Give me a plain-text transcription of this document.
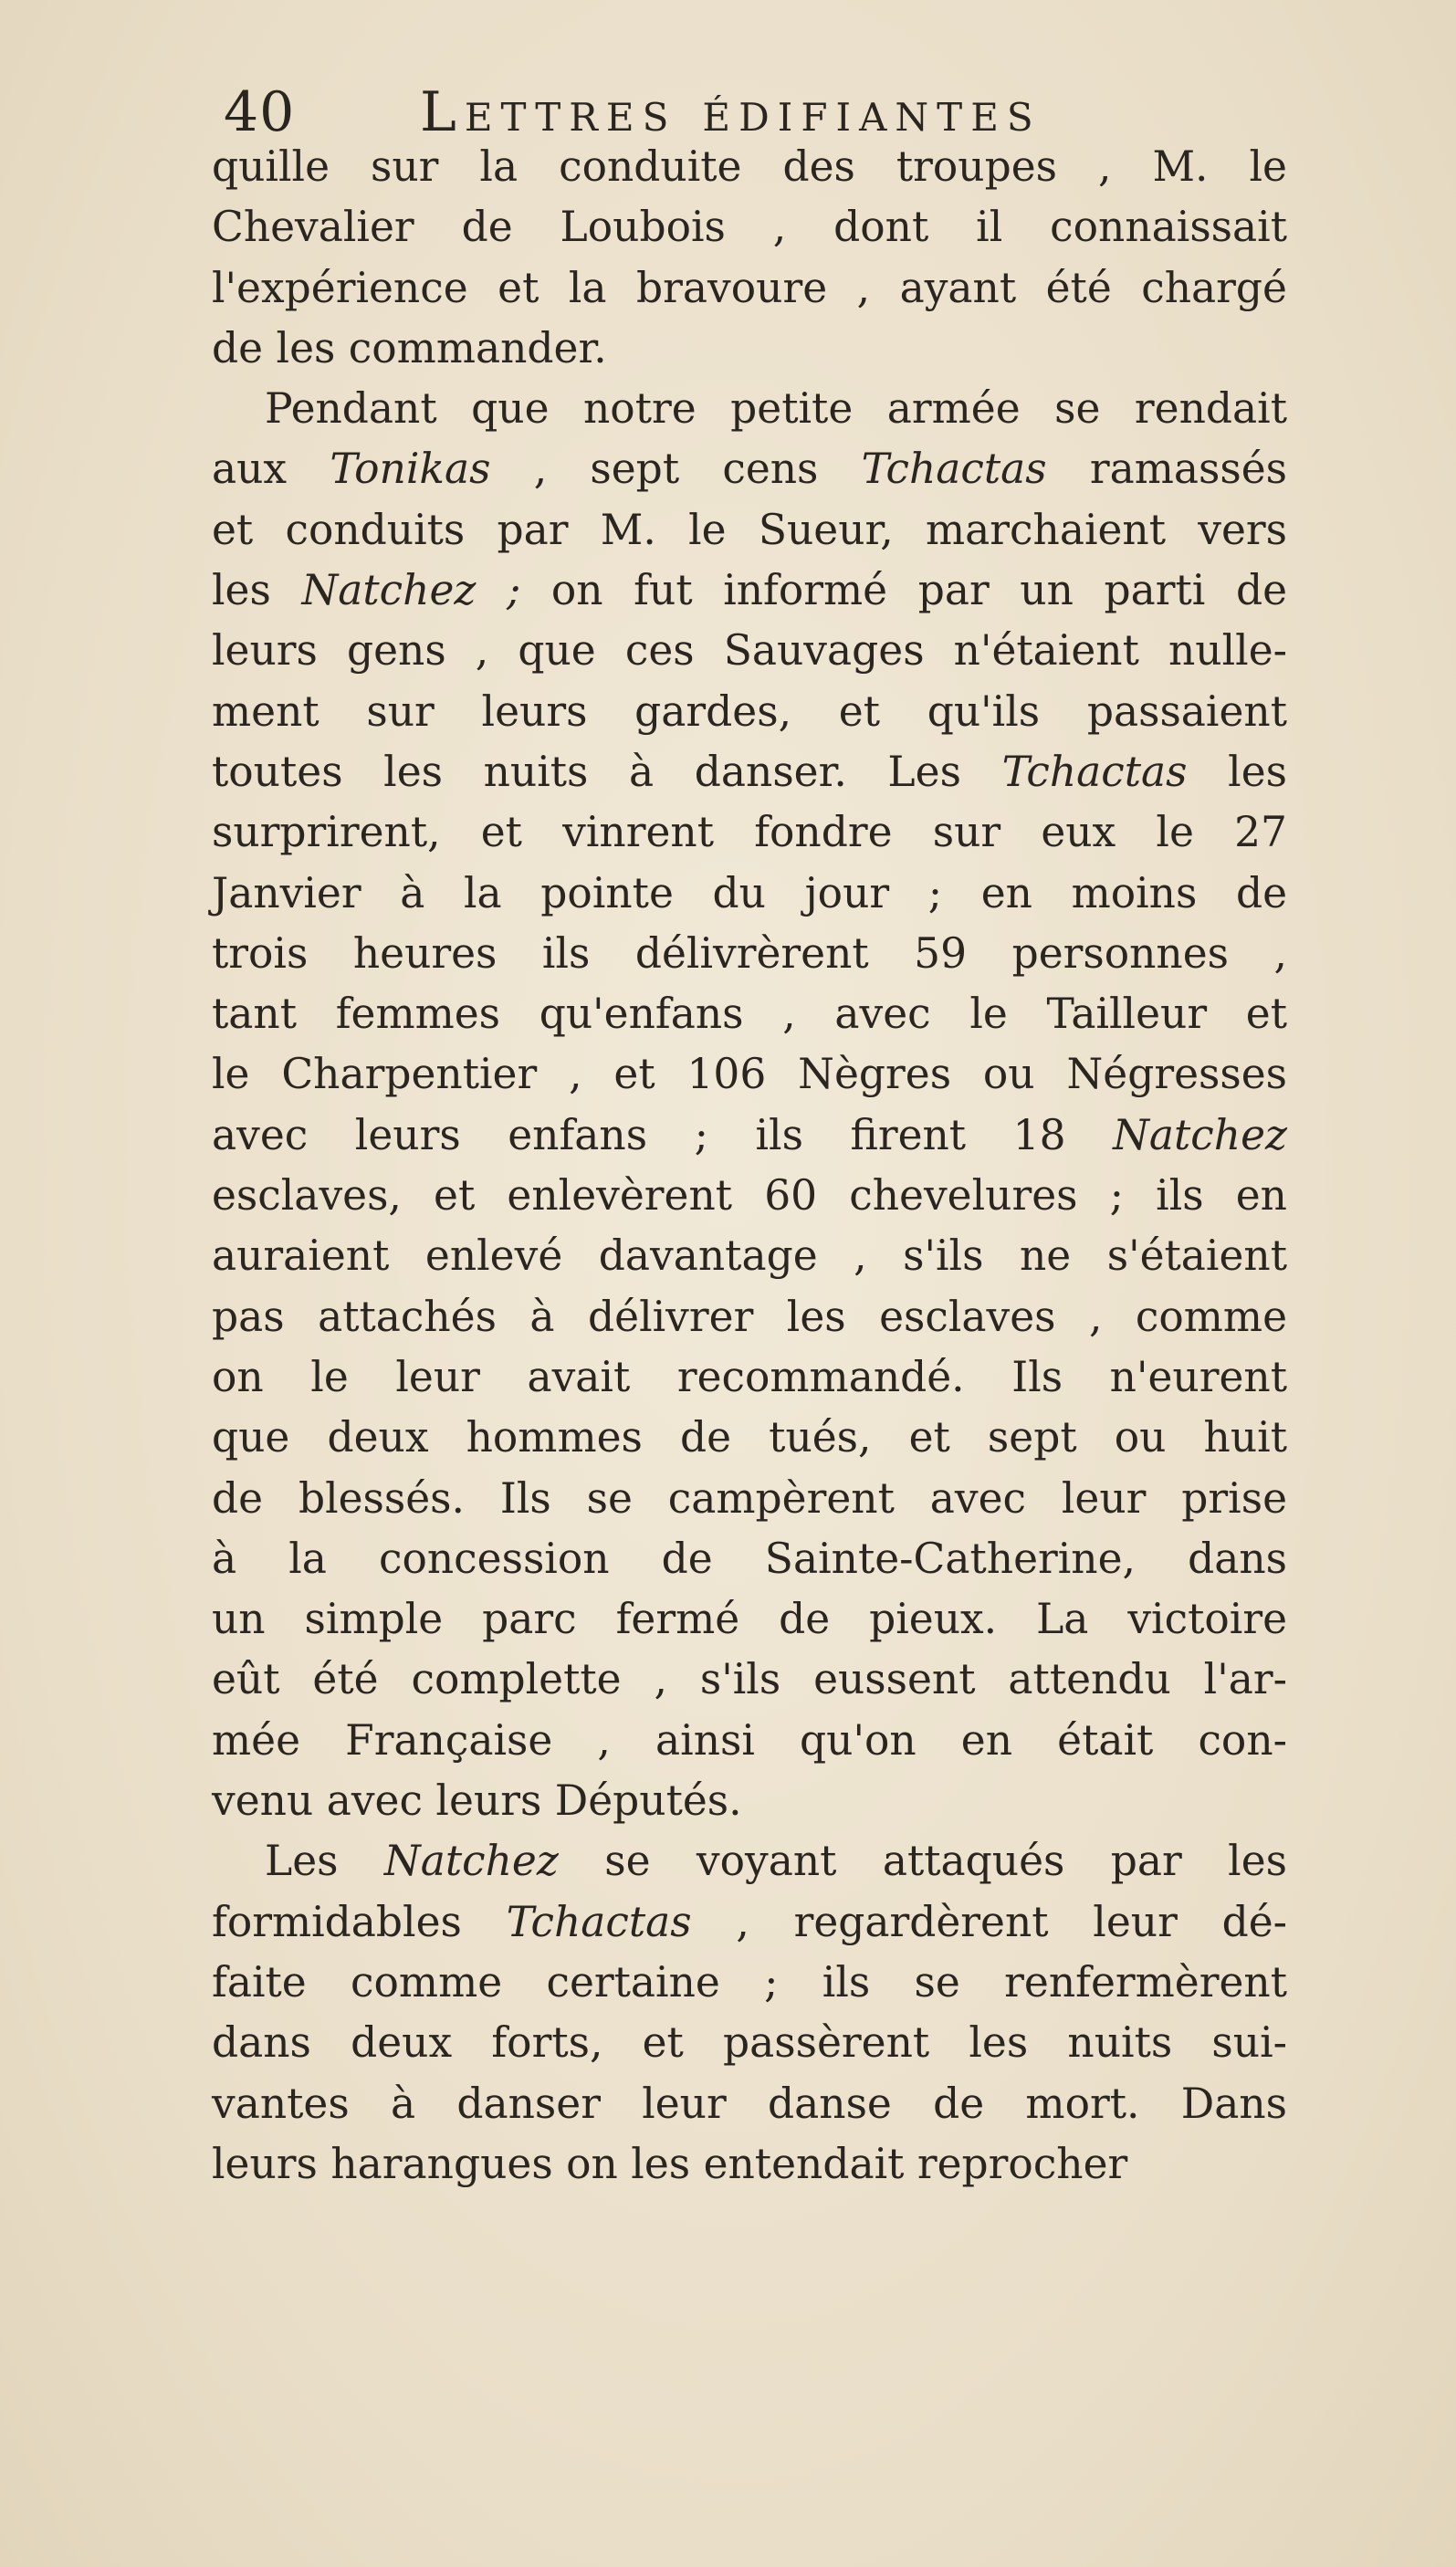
40 Lettres édifiantes
quille sur la conduite des troupes , M. le
Chevalier de Loubois , dont il connaissait
l'expérience et la bravoure , ayant été chargé
de les commander.
Pendant que notre petite armée se rendait
aux Tonikas , sept cens Tchactas ramassés
et conduits par M. le Sueur, marchaient vers
les Natchez ; on fut informé par un parti de
leurs gens , que ces Sauvages n'étaient nulle-
ment sur leurs gardes, et qu'ils passaient
toutes les nuits à danser. Les Tchactas les
surprirent, et vinrent fondre sur eux le 27
Janvier à la pointe du jour ; en moins de
trois heures ils délivrèrent 59 personnes ,
tant femmes qu'enfans , avec le Tailleur et
le Charpentier , et 106 Nègres ou Négresses
avec leurs enfans ; ils firent 18 Natchez
esclaves, et enlevèrent 60 chevelures ; ils en
auraient enlevé davantage , s'ils ne s'étaient
pas attachés à délivrer les esclaves , comme
on le leur avait recommandé. Ils n'eurent
que deux hommes de tués, et sept ou huit
de blessés. Ils se campèrent avec leur prise
à la concession de Sainte-Catherine, dans
un simple parc fermé de pieux. La victoire
eût été complette , s'ils eussent attendu l'ar-
mée Française , ainsi qu'on en était con-
venu avec leurs Députés.
Les Natchez se voyant attaqués par les
formidables Tchactas , regardèrent leur dé-
faite comme certaine ; ils se renfermèrent
dans deux forts, et passèrent les nuits sui-
vantes à danser leur danse de mort. Dans
leurs harangues on les entendait reprocher
